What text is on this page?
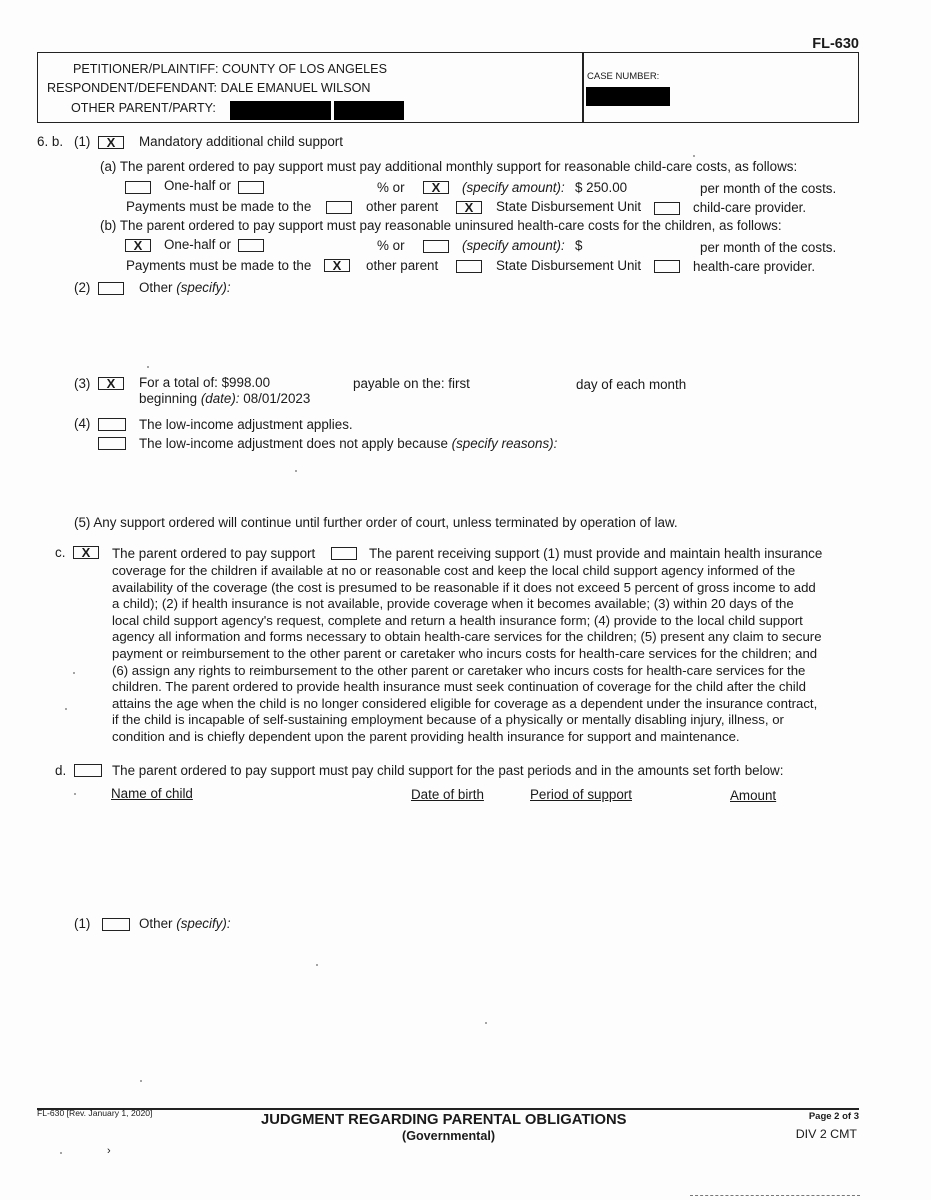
FL-630
PETITIONER/PLAINTIFF: COUNTY OF LOS ANGELES
RESPONDENT/DEFENDANT: DALE EMANUEL WILSON
OTHER PARENT/PARTY:
CASE NUMBER:
6. b. (1)	X	Mandatory additional child support
(a) The parent ordered to pay support must pay additional monthly support for reasonable child-care costs, as follows:
One-half or	% or	X	(specify amount): $ 250.00	per month of the costs.
Payments must be made to the	other parent	X	State Disbursement Unit	child-care provider.
(b) The parent ordered to pay support must pay reasonable uninsured health-care costs for the children, as follows:
X	One-half or	% or	(specify amount): $	per month of the costs.
Payments must be made to the	X	other parent	State Disbursement Unit	health-care provider.
(2)	Other (specify):
(3)	X	For a total of: $998.00	payable on the: first	day of each month
beginning (date): 08/01/2023
(4)	The low-income adjustment applies.
The low-income adjustment does not apply because (specify reasons):
(5) Any support ordered will continue until further order of court, unless terminated by operation of law.
c.	X	The parent ordered to pay support	The parent receiving support (1) must provide and maintain health insurance
coverage for the children if available at no or reasonable cost and keep the local child support agency informed of the
availability of the coverage (the cost is presumed to be reasonable if it does not exceed 5 percent of gross income to add
a child); (2) if health insurance is not available, provide coverage when it becomes available; (3) within 20 days of the
local child support agency's request, complete and return a health insurance form; (4) provide to the local child support
agency all information and forms necessary to obtain health-care services for the children; (5) present any claim to secure
payment or reimbursement to the other parent or caretaker who incurs costs for health-care services for the children; and
(6) assign any rights to reimbursement to the other parent or caretaker who incurs costs for health-care services for the
children. The parent ordered to provide health insurance must seek continuation of coverage for the child after the child
attains the age when the child is no longer considered eligible for coverage as a dependent under the insurance contract,
if the child is incapable of self-sustaining employment because of a physically or mentally disabling injury, illness, or
condition and is chiefly dependent upon the parent providing health insurance for support and maintenance.
d.	The parent ordered to pay support must pay child support for the past periods and in the amounts set forth below:
Name of child	Date of birth	Period of support	Amount
(1)	Other (specify):
›
FL-630 [Rev. January 1, 2020]	JUDGMENT REGARDING PARENTAL OBLIGATIONS
(Governmental)
Page 2 of 3
DIV 2 CMT
